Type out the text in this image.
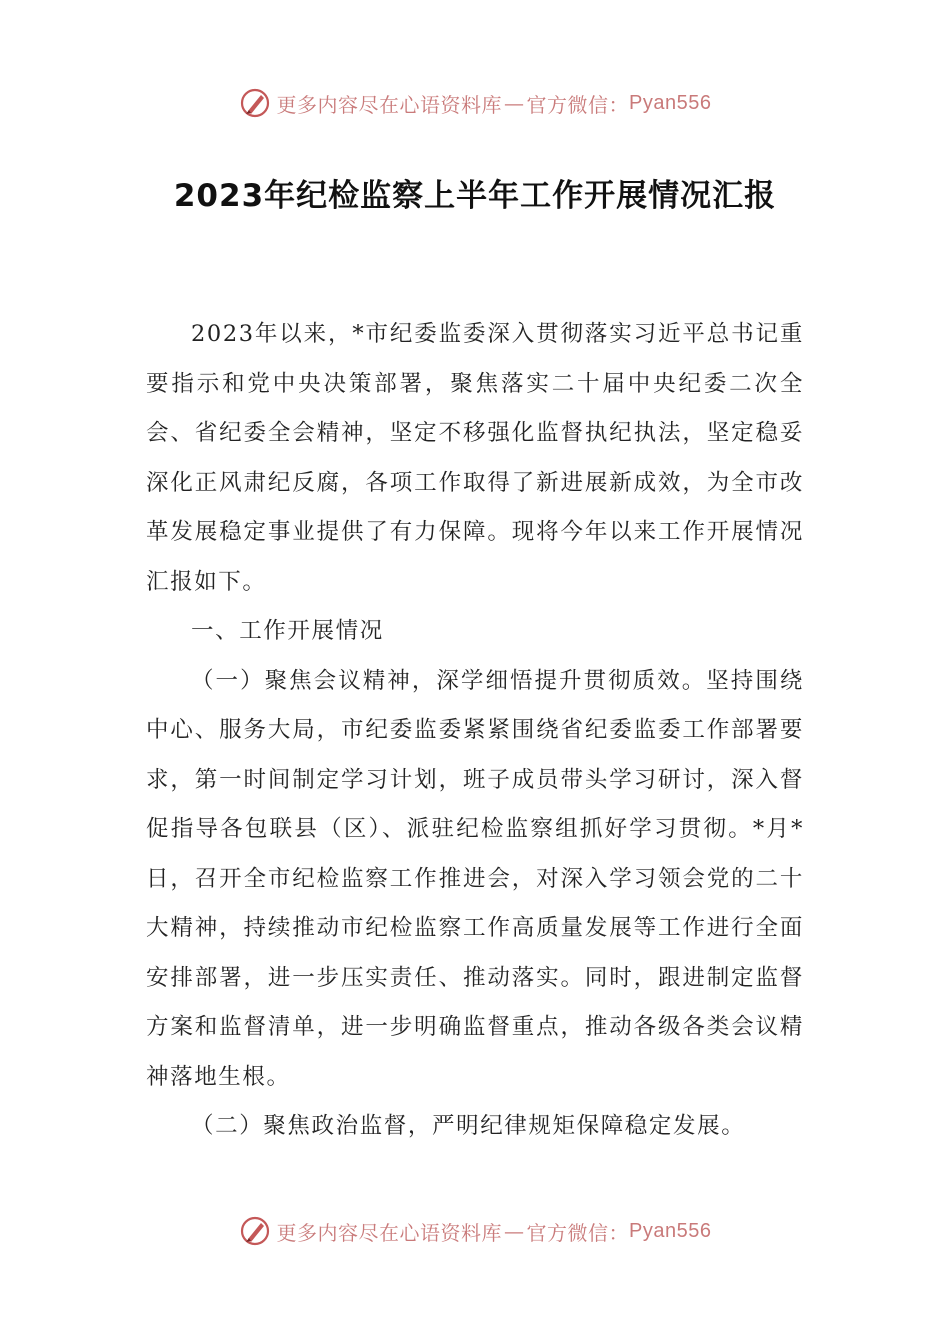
更多内容尽在心语资料库 — 官方微信： Pyan556
2023年纪检监察上半年工作开展情况汇报

2023年以来，*市纪委监委深入贯彻落实习近平总书记重要指示和党中央决策部署，聚焦落实二十届中央纪委二次全会、省纪委全会精神，坚定不移强化监督执纪执法，坚定稳妥深化正风肃纪反腐，各项工作取得了新进展新成效，为全市改革发展稳定事业提供了有力保障。现将今年以来工作开展情况汇报如下。

一、工作开展情况

（一）聚焦会议精神，深学细悟提升贯彻质效。坚持围绕中心、服务大局，市纪委监委紧紧围绕省纪委监委工作部署要求，第一时间制定学习计划，班子成员带头学习研讨，深入督促指导各包联县（区）、派驻纪检监察组抓好学习贯彻。*月*日，召开全市纪检监察工作推进会，对深入学习领会党的二十大精神，持续推动市纪检监察工作高质量发展等工作进行全面安排部署，进一步压实责任、推动落实。同时，跟进制定监督方案和监督清单，进一步明确监督重点，推动各级各类会议精神落地生根。

（二）聚焦政治监督，严明纪律规矩保障稳定发展。

更多内容尽在心语资料库 — 官方微信： Pyan556
